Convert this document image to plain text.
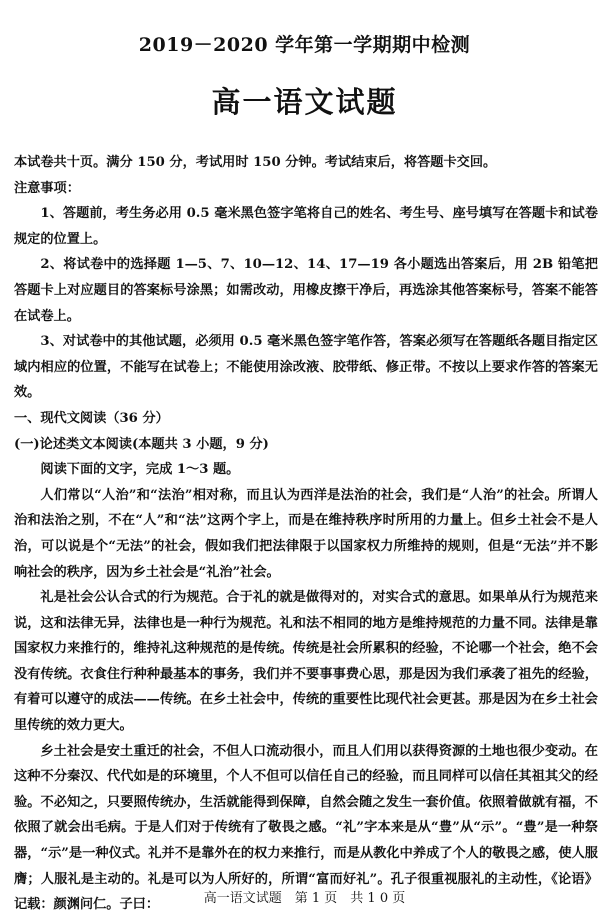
2019－2020 学年第一学期期中检测
高一语文试题

本试卷共十页。满分 150 分，考试用时 150 分钟。考试结束后，将答题卡交回。

注意事项：

1、答题前，考生务必用 0.5 毫米黑色签字笔将自己的姓名、考生号、座号填写在答题卡和试卷规定的位置上。

2、将试卷中的选择题 1—5、7、10—12、14、17—19 各小题选出答案后，用 2B 铅笔把答题卡上对应题目的答案标号涂黑；如需改动，用橡皮擦干净后，再选涂其他答案标号，答案不能答在试卷上。

3、对试卷中的其他试题，必须用 0.5 毫米黑色签字笔作答，答案必须写在答题纸各题目指定区域内相应的位置，不能写在试卷上；不能使用涂改液、胶带纸、修正带。不按以上要求作答的答案无效。

一、现代文阅读（36 分）

(一)论述类文本阅读(本题共 3 小题，9 分)

阅读下面的文字，完成 1～3 题。

人们常以“人治”和“法治”相对称，而且认为西洋是法治的社会，我们是“人治”的社会。所谓人治和法治之别，不在“人”和“法”这两个字上，而是在维持秩序时所用的力量上。但乡土社会不是人治，可以说是个“无法”的社会，假如我们把法律限于以国家权力所维持的规则，但是“无法”并不影响社会的秩序，因为乡土社会是“礼治”社会。

礼是社会公认合式的行为规范。合于礼的就是做得对的，对实合式的意思。如果单从行为规范来说，这和法律无异，法律也是一种行为规范。礼和法不相同的地方是维持规范的力量不同。法律是靠国家权力来推行的，维持礼这种规范的是传统。传统是社会所累积的经验，不论哪一个社会，绝不会没有传统。衣食住行种种最基本的事务，我们并不要事事费心思，那是因为我们承袭了祖先的经验，有着可以遵守的成法——传统。在乡土社会中，传统的重要性比现代社会更甚。那是因为在乡土社会里传统的效力更大。

乡土社会是安土重迁的社会，不但人口流动很小，而且人们用以获得资源的土地也很少变动。在这种不分秦汉、代代如是的环境里，个人不但可以信任自己的经验，而且同样可以信任其祖其父的经验。不必知之，只要照传统办，生活就能得到保障，自然会随之发生一套价值。依照着做就有福，不依照了就会出毛病。于是人们对于传统有了敬畏之感。“礼”字本来是从“豊”从“示”。“豊”是一种祭器，“示”是一种仪式。礼并不是靠外在的权力来推行，而是从教化中养成了个人的敬畏之感，使人服膺；人服礼是主动的。礼是可以为人所好的，所谓“富而好礼”。孔子很重视服礼的主动性，《论语》记载：颜渊问仁。子曰：	高一语文试题　第 1 页　共 1 0 页
